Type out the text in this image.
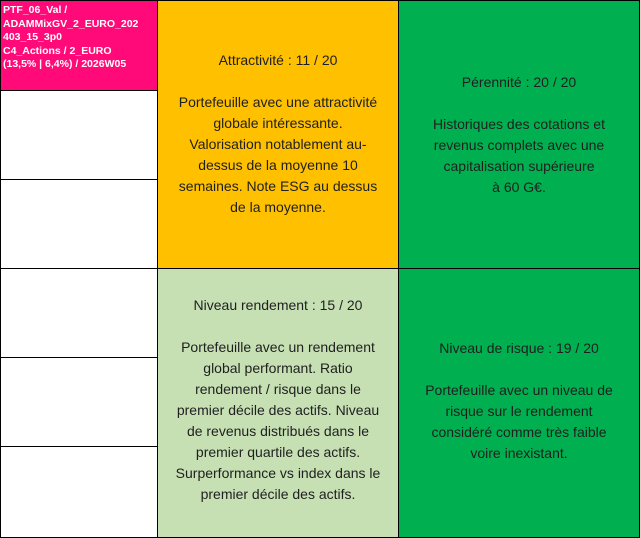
PTF_06_Val /
ADAMMixGV_2_EURO_202
403_15_3p0
C4_Actions / 2_EURO
(13,5% | 6,4%) / 2026W05	Attractivité : 11 / 20
Portefeuille avec une attractivité
globale intéressante.
Valorisation notablement au-
dessus de la moyenne 10
semaines. Note ESG au dessus
de la moyenne.
Pérennité : 20 / 20
Historiques des cotations et
revenus complets avec une
capitalisation supérieure
à 60 G€.
Niveau rendement : 15 / 20
Portefeuille avec un rendement
global performant. Ratio
rendement / risque dans le
premier décile des actifs. Niveau
de revenus distribués dans le
premier quartile des actifs.
Surperformance vs index dans le
premier décile des actifs.
Niveau de risque : 19 / 20
Portefeuille avec un niveau de
risque sur le rendement
considéré comme très faible
voire inexistant.
